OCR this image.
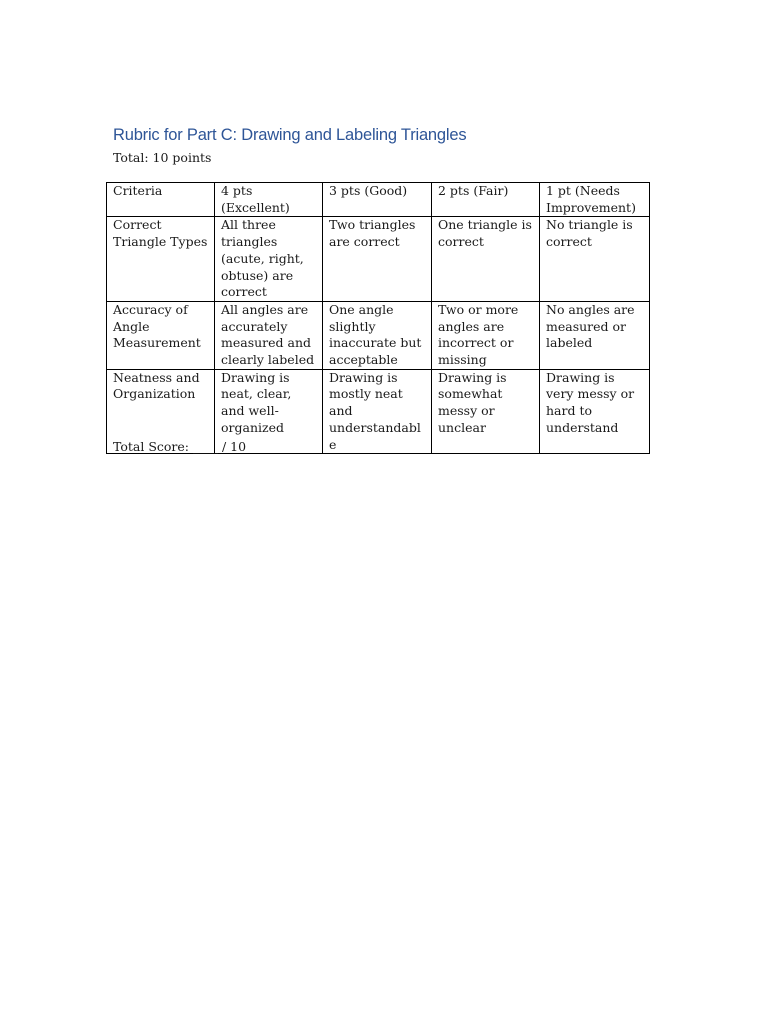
Rubric for Part C: Drawing and Labeling Triangles

Total: 10 points

Criteria	4 pts (Excellent)	3 pts (Good)	2 pts (Fair)	1 pt (Needs Improvement)
Correct Triangle Types	All three triangles (acute, right, obtuse) are correct	Two triangles are correct	One triangle is correct	No triangle is correct
Accuracy of Angle Measurement	All angles are accurately measured and clearly labeled	One angle slightly inaccurate but acceptable	Two or more angles are incorrect or missing	No angles are measured or labeled
Neatness and Organization	Drawing is neat, clear, and well-organized	Drawing is mostly neat and understandable	Drawing is somewhat messy or unclear	Drawing is very messy or hard to understand

Total Score: ____ / 10
